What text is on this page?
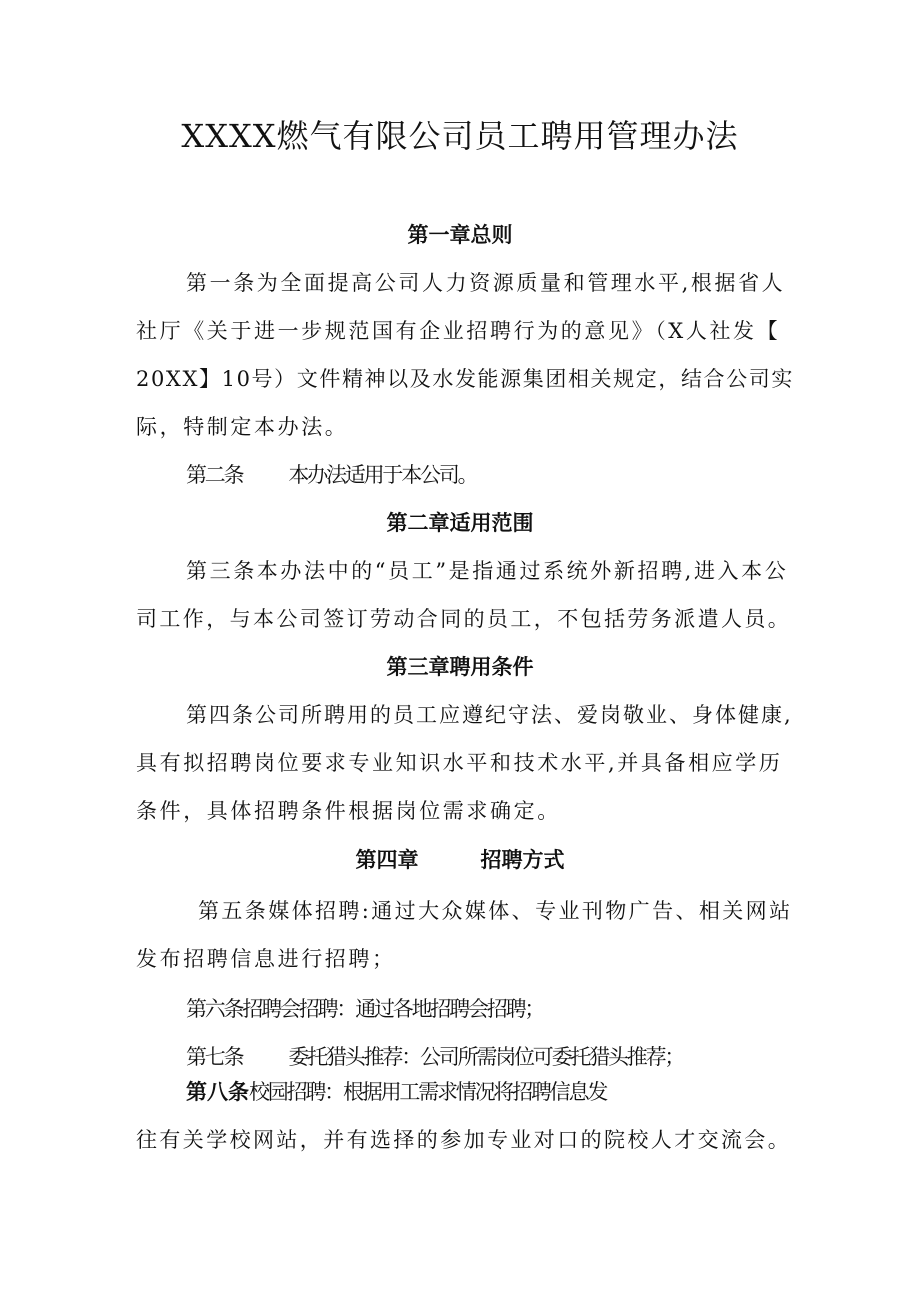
XXXX燃气有限公司员工聘用管理办法

第一章总则

第一条为全面提高公司人力资源质量和管理水平,根据省人

社厅《关于进一步规范国有企业招聘行为的意见》（X人社发【

20XX】10号）文件精神以及水发能源集团相关规定，结合公司实

际，特制定本办法。

第二条 本办法适用于本公司。

第二章适用范围

第三条本办法中的“员工”是指通过系统外新招聘,进入本公

司工作，与本公司签订劳动合同的员工，不包括劳务派遣人员。

第三章聘用条件

第四条公司所聘用的员工应遵纪守法、爱岗敬业、身体健康,

具有拟招聘岗位要求专业知识水平和技术水平,并具备相应学历

条件，具体招聘条件根据岗位需求确定。

第四章	招聘方式

第五条媒体招聘:通过大众媒体、专业刊物广告、相关网站

发布招聘信息进行招聘；

第六条招聘会招聘：通过各地招聘会招聘；

第七条 委托猎头推荐：公司所需岗位可委托猎头推荐；

第八条校园招聘：根据用工需求情况将招聘信息发

往有关学校网站，并有选择的参加专业对口的院校人才交流会。
